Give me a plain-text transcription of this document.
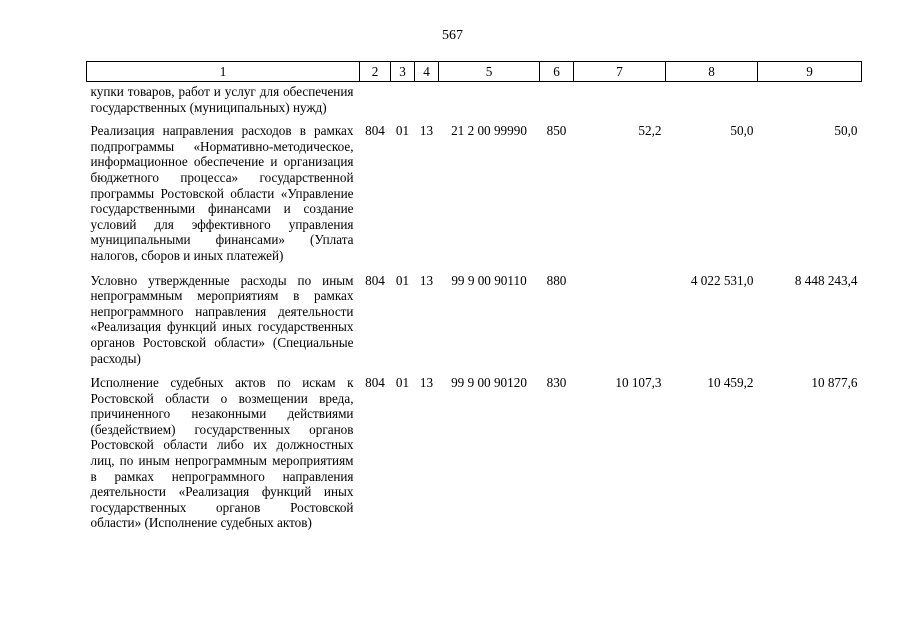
567
1	2	3	4	5	6	7	8	9
купки товаров, работ и услуг для обеспечения государственных (муниципальных) нужд)								
Реализация направления расходов в рамках подпрограммы «Нормативно-методическое, информационное обеспечение и организация бюджетного процесса» государственной программы Ростовской области «Управление государственными финансами и создание условий для эффективного управления муниципальными финансами» (Уплата налогов, сборов и иных платежей)	804	01	13	21 2 00 99990	850	52,2	50,0	50,0
Условно утвержденные расходы по иным непрограммным мероприятиям в рамках непрограммного направления деятельности «Реализация функций иных государственных органов Ростовской области» (Специальные расходы)	804	01	13	99 9 00 90110	880		4 022 531,0	8 448 243,4
Исполнение судебных актов по искам к Ростовской области о возмещении вреда, причиненного незаконными действиями (бездействием) государственных органов Ростовской области либо их должностных лиц, по иным непрограммным мероприятиям в рамках непрограммного направления деятельности «Реализация функций иных государственных органов Ростовской области» (Исполнение судебных актов)	804	01	13	99 9 00 90120	830	10 107,3	10 459,2	10 877,6
